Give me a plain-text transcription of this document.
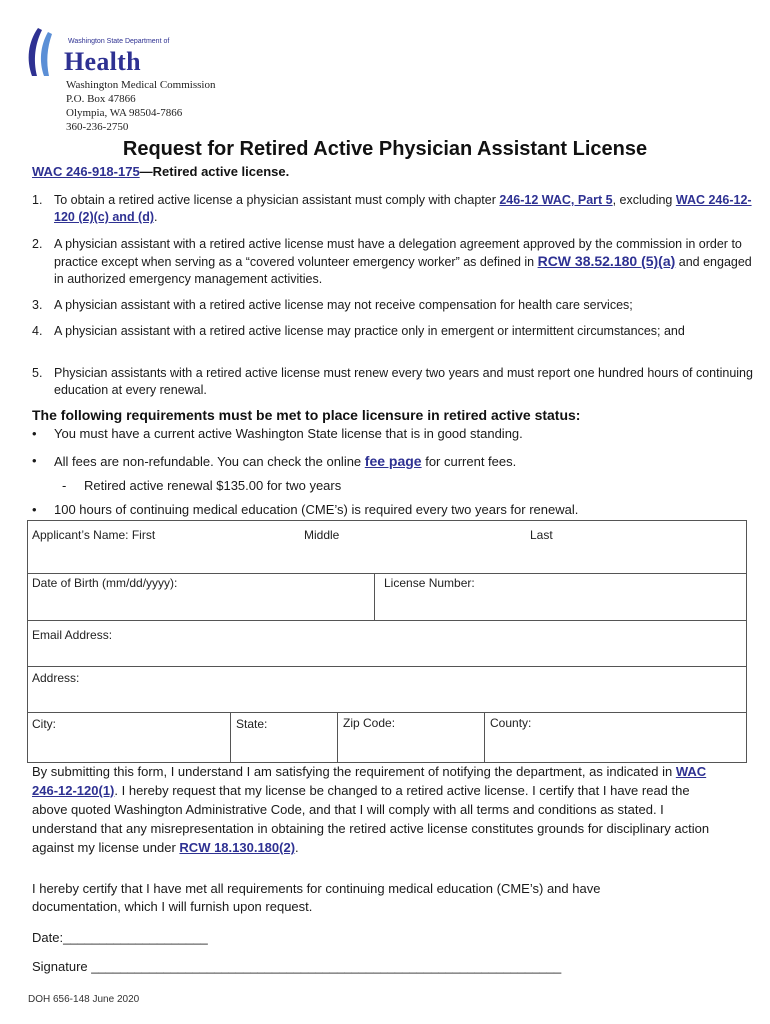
Washington State Department of
Health
Washington Medical Commission
P.O. Box 47866
Olympia, WA 98504-7866
360-236-2750
Request for Retired Active Physician Assistant License
WAC 246-918-175—Retired active license.
1. To obtain a retired active license a physician assistant must comply with chapter 246-12 WAC, Part 5, excluding WAC 246-12-120 (2)(c) and (d).
2. A physician assistant with a retired active license must have a delegation agreement approved by the commission in order to practice except when serving as a “covered volunteer emergency worker” as defined in RCW 38.52.180 (5)(a) and engaged in authorized emergency management activities.
3. A physician assistant with a retired active license may not receive compensation for health care services;
4. A physician assistant with a retired active license may practice only in emergent or intermittent circumstances; and
5. Physician assistants with a retired active license must renew every two years and must report one hundred hours of continuing education at every renewal.
The following requirements must be met to place licensure in retired active status:
• You must have a current active Washington State license that is in good standing.
• All fees are non-refundable. You can check the online fee page for current fees.
- Retired active renewal $135.00 for two years
• 100 hours of continuing medical education (CME’s) is required every two years for renewal.
Applicant’s Name: First	Middle	Last
Date of Birth (mm/dd/yyyy):	License Number:
Email Address:
Address:
City:	State:	Zip Code:	County:
By submitting this form, I understand I am satisfying the requirement of notifying the department, as indicated in WAC 246-12-120(1). I hereby request that my license be changed to a retired active license. I certify that I have read the above quoted Washington Administrative Code, and that I will comply with all terms and conditions as stated. I understand that any misrepresentation in obtaining the retired active license constitutes grounds for disciplinary action against my license under RCW 18.130.180(2).
I hereby certify that I have met all requirements for continuing medical education (CME’s) and have documentation, which I will furnish upon request.
Date:____________________
Signature _________________________________________________________________
DOH 656-148 June 2020
